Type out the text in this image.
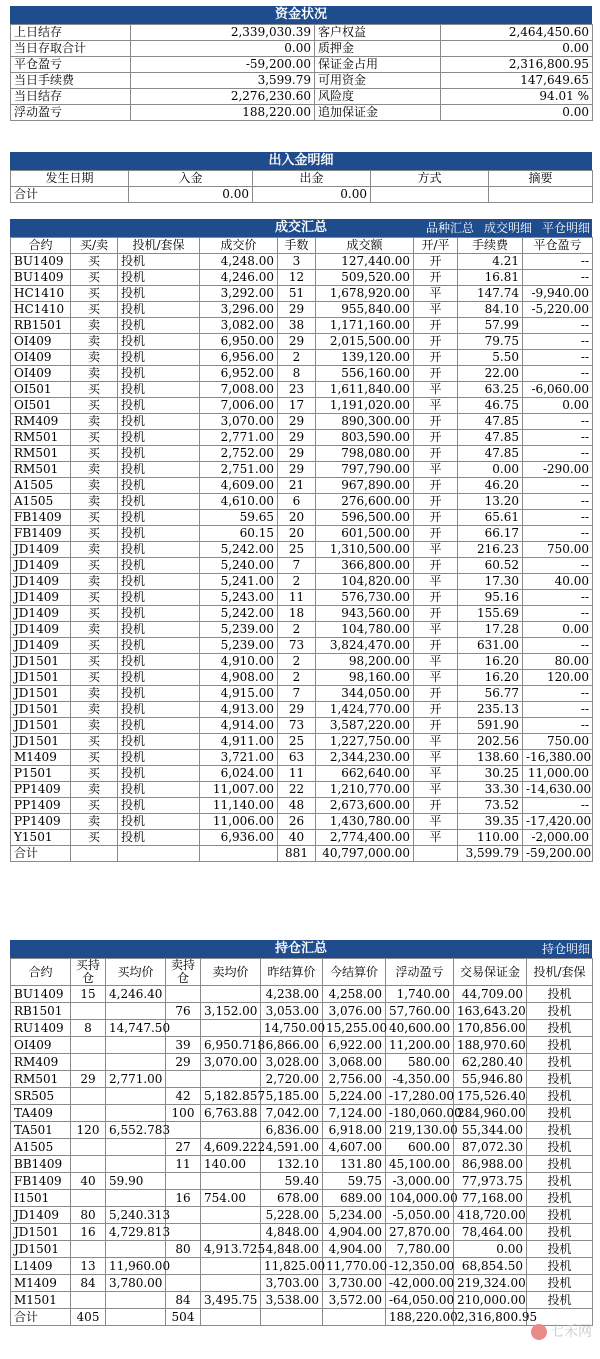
资金状况
上日结存	2,339,030.39	客户权益	2,464,450.60
当日存取合计	0.00	质押金	0.00
平仓盈亏	-59,200.00	保证金占用	2,316,800.95
当日手续费	3,599.79	可用资金	147,649.65
当日结存	2,276,230.60	风险度	94.01 %
浮动盈亏	188,220.00	追加保证金	0.00
出入金明细
发生日期	入金	出金	方式	摘要
合计	0.00	0.00		
成交汇总	品种汇总 成交明细 平仓明细
合约	买/卖	投机/套保	成交价	手数	成交额	开/平	手续费	平仓盈亏
BU1409	买	投机	4,248.00	3	127,440.00	开	4.21	--
BU1409	买	投机	4,246.00	12	509,520.00	开	16.81	--
HC1410	买	投机	3,292.00	51	1,678,920.00	平	147.74	-9,940.00
HC1410	买	投机	3,296.00	29	955,840.00	平	84.10	-5,220.00
RB1501	卖	投机	3,082.00	38	1,171,160.00	开	57.99	--
OI409	卖	投机	6,950.00	29	2,015,500.00	开	79.75	--
OI409	卖	投机	6,956.00	2	139,120.00	开	5.50	--
OI409	卖	投机	6,952.00	8	556,160.00	开	22.00	--
OI501	买	投机	7,008.00	23	1,611,840.00	平	63.25	-6,060.00
OI501	买	投机	7,006.00	17	1,191,020.00	平	46.75	0.00
RM409	卖	投机	3,070.00	29	890,300.00	开	47.85	--
RM501	买	投机	2,771.00	29	803,590.00	开	47.85	--
RM501	买	投机	2,752.00	29	798,080.00	开	47.85	--
RM501	卖	投机	2,751.00	29	797,790.00	平	0.00	-290.00
A1505	卖	投机	4,609.00	21	967,890.00	开	46.20	--
A1505	卖	投机	4,610.00	6	276,600.00	开	13.20	--
FB1409	买	投机	59.65	20	596,500.00	开	65.61	--
FB1409	买	投机	60.15	20	601,500.00	开	66.17	--
JD1409	卖	投机	5,242.00	25	1,310,500.00	平	216.23	750.00
JD1409	买	投机	5,240.00	7	366,800.00	开	60.52	--
JD1409	卖	投机	5,241.00	2	104,820.00	平	17.30	40.00
JD1409	买	投机	5,243.00	11	576,730.00	开	95.16	--
JD1409	买	投机	5,242.00	18	943,560.00	开	155.69	--
JD1409	卖	投机	5,239.00	2	104,780.00	平	17.28	0.00
JD1409	买	投机	5,239.00	73	3,824,470.00	开	631.00	--
JD1501	买	投机	4,910.00	2	98,200.00	平	16.20	80.00
JD1501	买	投机	4,908.00	2	98,160.00	平	16.20	120.00
JD1501	卖	投机	4,915.00	7	344,050.00	开	56.77	--
JD1501	卖	投机	4,913.00	29	1,424,770.00	开	235.13	--
JD1501	卖	投机	4,914.00	73	3,587,220.00	开	591.90	--
JD1501	买	投机	4,911.00	25	1,227,750.00	平	202.56	750.00
M1409	买	投机	3,721.00	63	2,344,230.00	平	138.60	-16,380.00
P1501	买	投机	6,024.00	11	662,640.00	平	30.25	11,000.00
PP1409	卖	投机	11,007.00	22	1,210,770.00	平	33.30	-14,630.00
PP1409	买	投机	11,140.00	48	2,673,600.00	开	73.52	--
PP1409	卖	投机	11,006.00	26	1,430,780.00	平	39.35	-17,420.00
Y1501	买	投机	6,936.00	40	2,774,400.00	平	110.00	-2,000.00
合计				881	40,797,000.00		3,599.79	-59,200.00
持仓汇总	持仓明细
合约	买持仓	买均价	卖持仓	卖均价	昨结算价	今结算价	浮动盈亏	交易保证金	投机/套保
BU1409	15	4,246.40			4,238.00	4,258.00	1,740.00	44,709.00	投机
RB1501			76	3,152.00	3,053.00	3,076.00	57,760.00	163,643.20	投机
RU1409	8	14,747.50			14,750.00	15,255.00	40,600.00	170,856.00	投机
OI409			39	6,950.718	6,866.00	6,922.00	11,200.00	188,970.60	投机
RM409			29	3,070.00	3,028.00	3,068.00	580.00	62,280.40	投机
RM501	29	2,771.00			2,720.00	2,756.00	-4,350.00	55,946.80	投机
SR505			42	5,182.857	5,185.00	5,224.00	-17,280.00	175,526.40	投机
TA409			100	6,763.88	7,042.00	7,124.00	-180,060.00	284,960.00	投机
TA501	120	6,552.783			6,836.00	6,918.00	219,130.00	55,344.00	投机
A1505			27	4,609.222	4,591.00	4,607.00	600.00	87,072.30	投机
BB1409			11	140.00	132.10	131.80	45,100.00	86,988.00	投机
FB1409	40	59.90			59.40	59.75	-3,000.00	77,973.75	投机
I1501			16	754.00	678.00	689.00	104,000.00	77,168.00	投机
JD1409	80	5,240.313			5,228.00	5,234.00	-5,050.00	418,720.00	投机
JD1501	16	4,729.813			4,848.00	4,904.00	27,870.00	78,464.00	投机
JD1501			80	4,913.725	4,848.00	4,904.00	7,780.00	0.00	投机
L1409	13	11,960.00			11,825.00	11,770.00	-12,350.00	68,854.50	投机
M1409	84	3,780.00			3,703.00	3,730.00	-42,000.00	219,324.00	投机
M1501			84	3,495.75	3,538.00	3,572.00	-64,050.00	210,000.00	投机
合计	405		504				188,220.00	2,316,800.95	
七禾网
